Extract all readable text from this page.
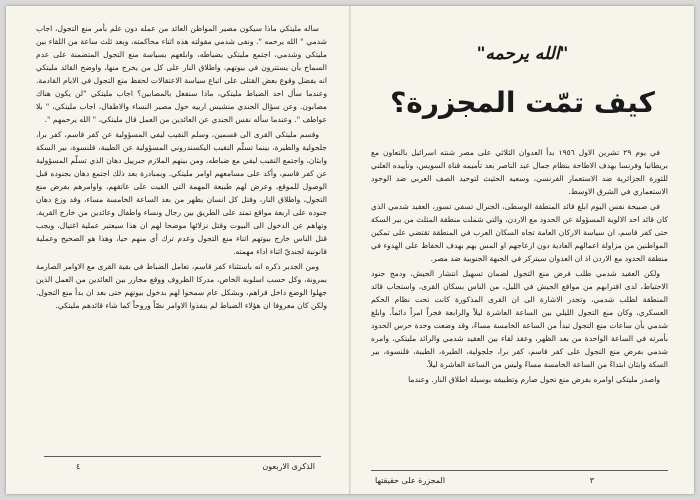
ساله مليتكي ماذا سيكون مصير المواطن العائد من عمله دون علم بأمر منع التجول، اجاب شدمي " الله يرحمه ". ونفى شدمي مقولته هذه اثناء محاكمته، وبعد ثلث ساعة من اللقاء بين مليتكي وشدمي، اجتمع مليتكي بضباطه، وابلغهم بسياسة منع التجول المتضمنة على عدم السماح بأن يستترون في بيوتهم، واطلاق النار على كل من يخرج منها، واوضح القائد مليتكي انه يفضل وقوع بعض القتلى على اتباع سياسة الاعتقالات لحفظ منع التجول في الايام القادمة. وعندما سأل احد الضباط مليتكي، ماذا سنفعل بالمصابين؟ اجاب مليتكي "لن يكون هناك مصابون. وعن سؤال الجندي منشيس ارييه حول مصير النساء والاطفال، اجاب مليتكي، " بلا عواطف ". وعندما سأله نفس الجندي عن العائدين من العمل قال مليتكي، " الله يرحمهم ".

وقسم مليتكي القرى الى قسمين، وسلم النقيب ليفي المسؤولية عن كفر قاسم، كفر برا، جلجولية والطيرة، بينما تسلّم النقيب اليكسندروني المسؤولية عن الطيبة، قلنسوة، بير السكة وابثان، واجتمع النقيب ليفي مع ضباطه، ومن بينهم الملازم جبرييل دهان الذي تسلّم المسؤولية عن كفر قاسم، وأكد على مسامعهم اوامر مليتكي. وبمبادرة بعد ذلك اجتمع دهان بجنوده قبل الوصول للموقع، وعرض لهم طبيعة المهمة التي القيت على عاتقهم، واوامرهم بفرض منع التجول، واطلاق النار، وقتل كل انسان يظهر من بعد الساعة الخامسة مساء، وقد وزع دهان جنوده على اربعة مواقع تمتد على الطريق بين رجال ونساء واطفال وعائدين من خارج القرية. وتهاهم عن الدخول الى البيوت وقتل نزلائها موضحا لهم ان هذا سيعتبر عملية اغتيال، ويجب قتل الناس خارج بيوتهم اثناء منع التجول وعدم ترك أي منهم حيا، وهذا هو الصحيح وعملية قانونية لجنديّ اثناء اداء مهمته.

ومن الجدير ذكره انه باستثناء كفر قاسم، تعامل الضباط في بقية القرى مع الاوامر الصارمة بمرونة، وكل حسب اسلوبه الخاص، مدركا الظروف ووقع مجازر بين العائدين من العمل الذين جهلوا الوضع داخل قراهم، وبشكل عام سمحوا لهم بدخول بيوتهم حتى بعد ان بدأ منع التجول. ولكن كان معروفا ان هؤلاء الضباط لم ينفذوا الاوامر نصّاً وروحاً كما شاء قائدهم مليتكي.

الذكرى الاربعون
٤
"الله يرحمه"
كيف تمّت المجزرة؟

في يوم ٢٩ تشرين الاول ١٩٥٦ بدأ العدوان الثلاثي على مصر شنته اسرائيل بالتعاون مع بريطانيا وفرنسا بهدف الاطاحة بنظام جمال عبد الناصر بعد تأميمه قناة السويس، وتأييده العلني للثورة الجزائرية ضد الاستعمار الفرنسي، وسعيه الحثيث لتوحيد الصف العربي ضد الوجود الاستعماري في الشرق الاوسط.

في صبيحة نفس اليوم ابلغ قائد المنطقة الوسطى، الجنرال تسفي تسور، العقيد شدمي الذي كان قائد احد الالوية المسؤولة عن الحدود مع الاردن، والتي شملت منطقة المثلث من بير السكة حتى كفر قاسم، ان سياسة الاركان العامة تجاه السكان العرب في المنطقة تقتضي على تمكين المواطنين من مزاولة اعمالهم العادية دون ازعاجهم او المس بهم بهدف الحفاظ على الهدوء في منطقة الحدود مع الاردن اذ ان العدوان سيتركز في الجبهة الجنوبية ضد مصر.

ولكن العقيد شدمي طلب فرض منع التجول لضمان تسهيل انتشار الجيش، ودمج جنود الاحتياط، لدى اقترابهم من مواقع الجيش في الليل، من الناس بسكان القرى، واستجاب قائد المنطقة لطلب شدمي، وتجدر الاشارة الى ان القرى المذكورة كانت تحت نظام الحكم العسكري، وكان منع التجول الليلي بين الساعة العاشرة ليلاً والرابعة فجراً امراً دائماً. وابلغ شدمي بأن ساعات منع التجول تبدأ من الساعة الخامسة مساءً، وقد وضعت وحدة حرس الحدود بأمرته في الساعة الواحدة من بعد الظهر، وعقد لقاء بين العقيد شدمي والرائد مليتكي، وامره شدمي بفرض منع التجول على كفر قاسم، كفر برا، جلجولية، الطيرة، الطيبة، قلنسوة، بير السكة وابثان ابتداءً من الساعة الخامسة مساءً وليس من الساعة العاشرة ليلاً.

واصدر مليتكي اوامره بفرض منع تجول صارم وتطبيقه بوسيلة اطلاق النار. وعندما

٣
المجزرة على حقيقتها
